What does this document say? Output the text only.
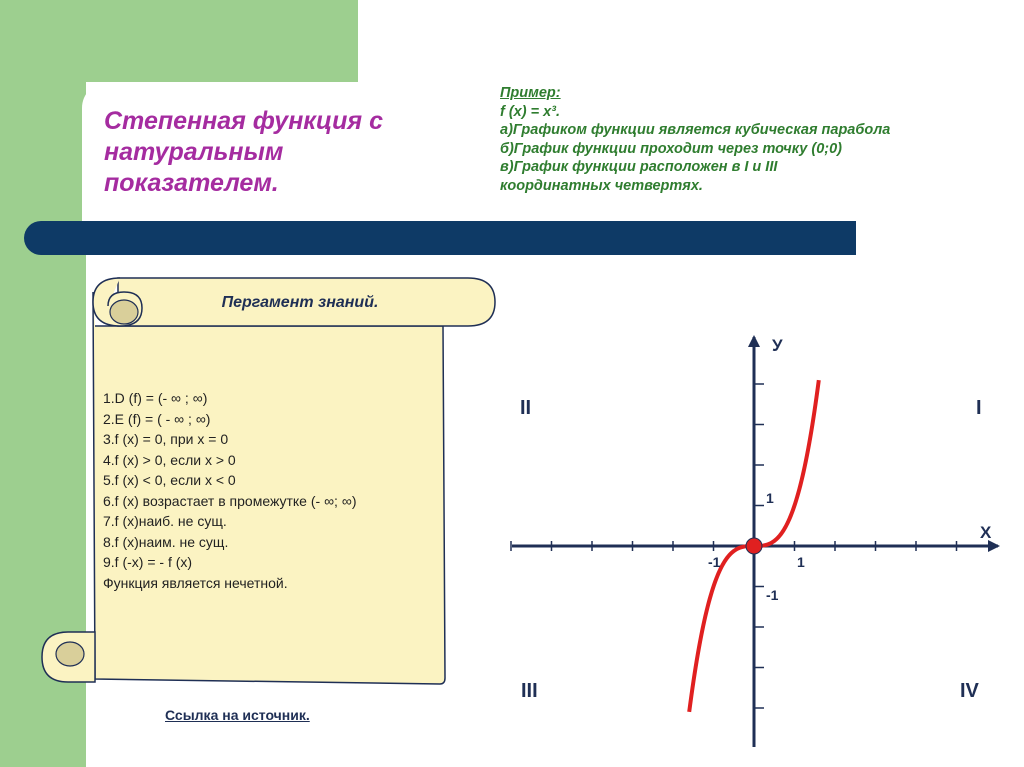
Степенная функция с натуральным показателем.
Пример:
f (x) = x³.
а)Графиком функции является кубическая парабола
б)График функции проходит через точку (0;0)
в)График функции расположен в I и III
координатных четвертях.
Пергамент знаний.
1.D (f) = (- ∞ ; ∞)
2.E (f) = ( - ∞ ; ∞)
3.f (x) = 0, при x = 0
4.f (x) > 0, если x > 0
5.f (x) < 0, если x < 0
6.f (x) возрастает в промежутке (- ∞; ∞)
7.f (x)наиб. не сущ.
8.f (x)наим. не сущ.
9.f (-x) = - f (x)
Функция является нечетной.
Ссылка на источник.
У
Х
1
-1
1
-1
II	I
III	IV
